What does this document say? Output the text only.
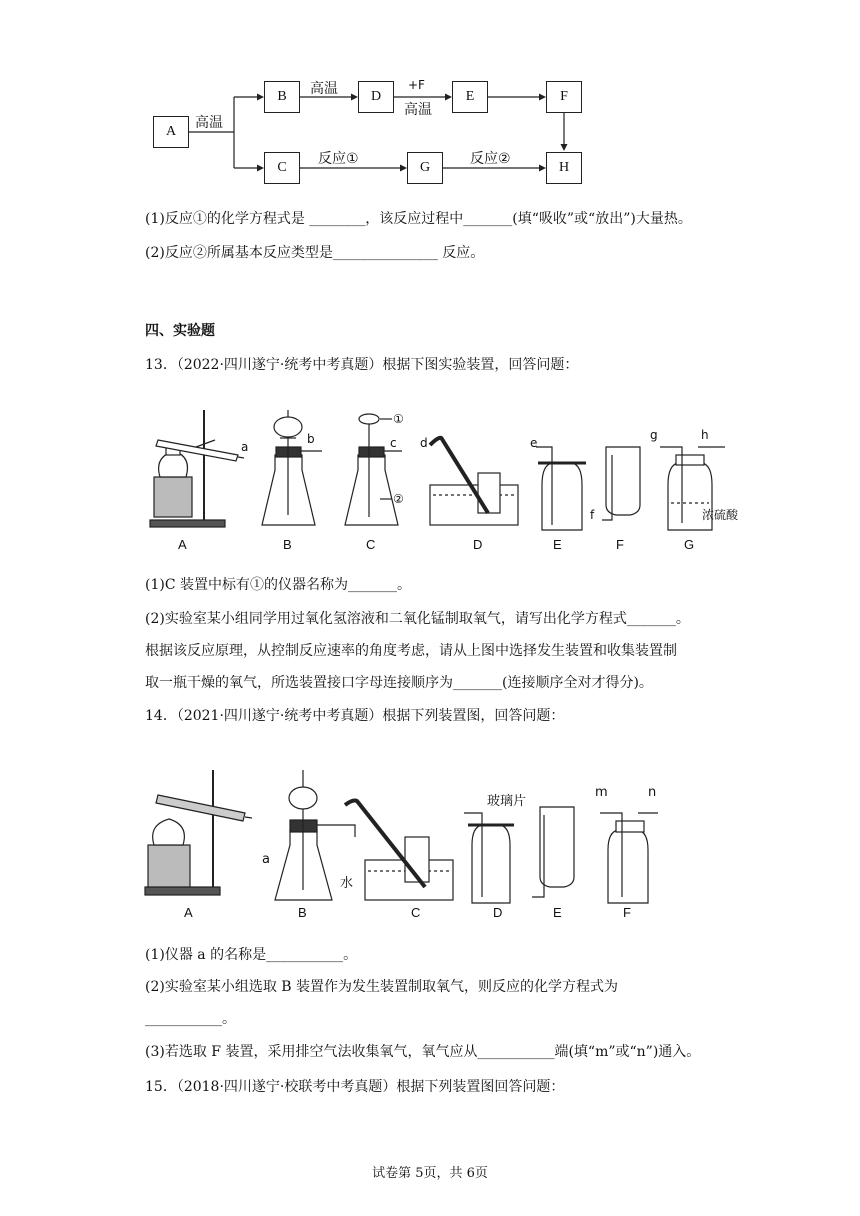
A
B	D	E	F
C	G	H
高温
高温	+F
高温
反应①	反应②
(1)反应①的化学方程式是 ________，该反应过程中_______(填“吸收”或“放出”)大量热。
(2)反应②所属基本反应类型是_______________ 反应。
四、实验题
13．（2022·四川遂宁·统考中考真题）根据下图实验装置，回答问题：
A	B	C	D	E	F	G
a
b	c d	e
f
g	h
①
②
浓硫酸
(1)C 装置中标有①的仪器名称为_______。
(2)实验室某小组同学用过氧化氢溶液和二氧化锰制取氧气，请写出化学方程式_______。
根据该反应原理，从控制反应速率的角度考虑，请从上图中选择发生装置和收集装置制
取一瓶干燥的氧气，所选装置接口字母连接顺序为_______(连接顺序全对才得分)。
14．（2021·四川遂宁·统考中考真题）根据下列装置图，回答问题：
A	B	C	D	E	F
a
水
玻璃片
m	n
(1)仪器 a 的名称是___________。
(2)实验室某小组选取 B 装置作为发生装置制取氧气，则反应的化学方程式为
___________。
(3)若选取 F 装置，采用排空气法收集氧气，氧气应从___________端(填“m”或“n”)通入。
15．（2018·四川遂宁·校联考中考真题）根据下列装置图回答问题：
试卷第 5页，共 6页
